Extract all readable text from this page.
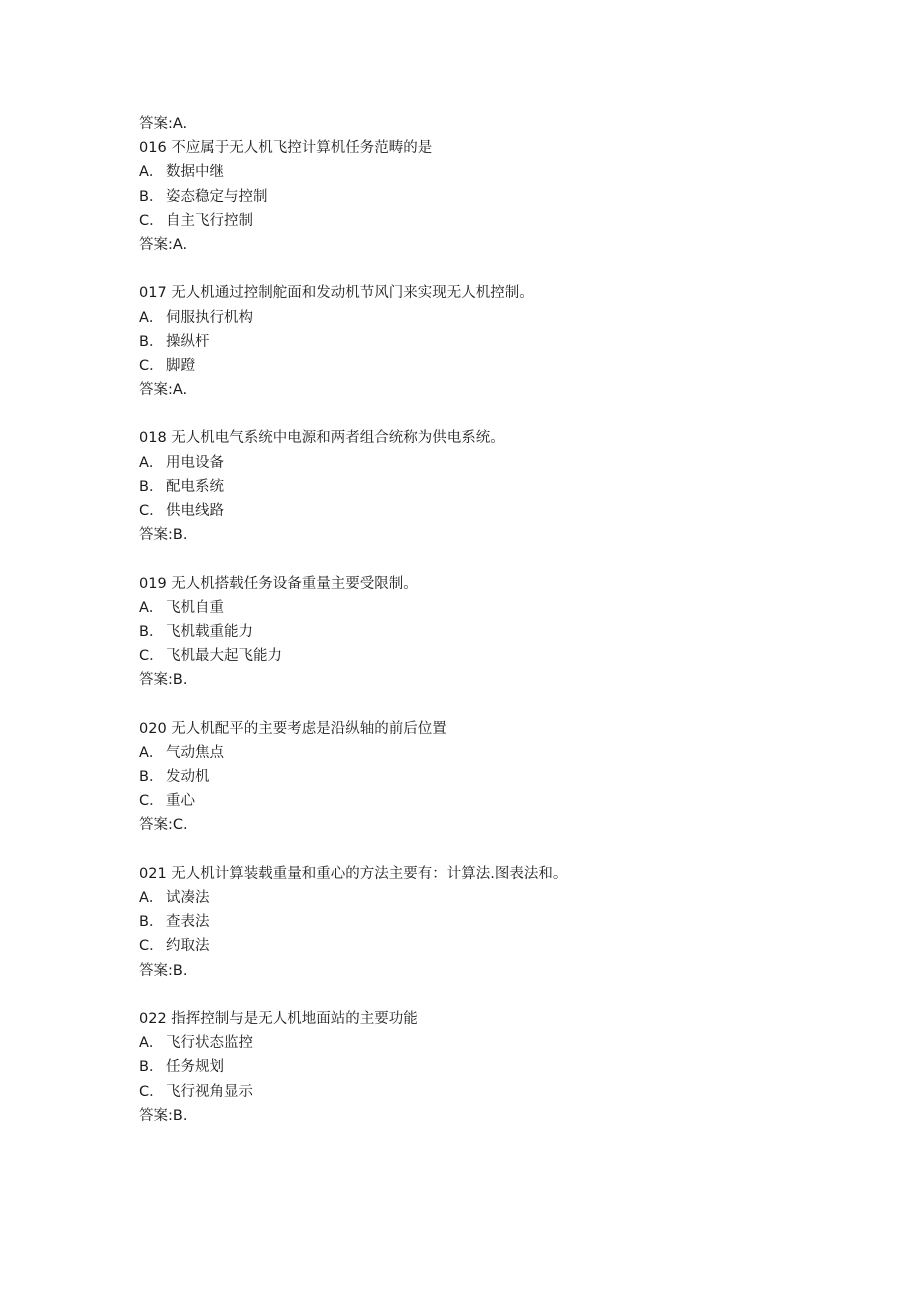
答案:A.
016 不应属于无人机飞控计算机任务范畴的是
A． 数据中继
B． 姿态稳定与控制
C． 自主飞行控制
答案:A.
017 无人机通过控制舵面和发动机节风门来实现无人机控制。
A． 伺服执行机构
B． 操纵杆
C． 脚蹬
答案:A.
018 无人机电气系统中电源和两者组合统称为供电系统。
A． 用电设备
B． 配电系统
C． 供电线路
答案:B.
019 无人机搭载任务设备重量主要受限制。
A． 飞机自重
B． 飞机载重能力
C． 飞机最大起飞能力
答案:B.
020 无人机配平的主要考虑是沿纵轴的前后位置
A． 气动焦点
B． 发动机
C． 重心
答案:C.
021 无人机计算装载重量和重心的方法主要有：计算法.图表法和。
A． 试凑法
B． 查表法
C． 约取法
答案:B.
022 指挥控制与是无人机地面站的主要功能
A． 飞行状态监控
B． 任务规划
C． 飞行视角显示
答案:B.
